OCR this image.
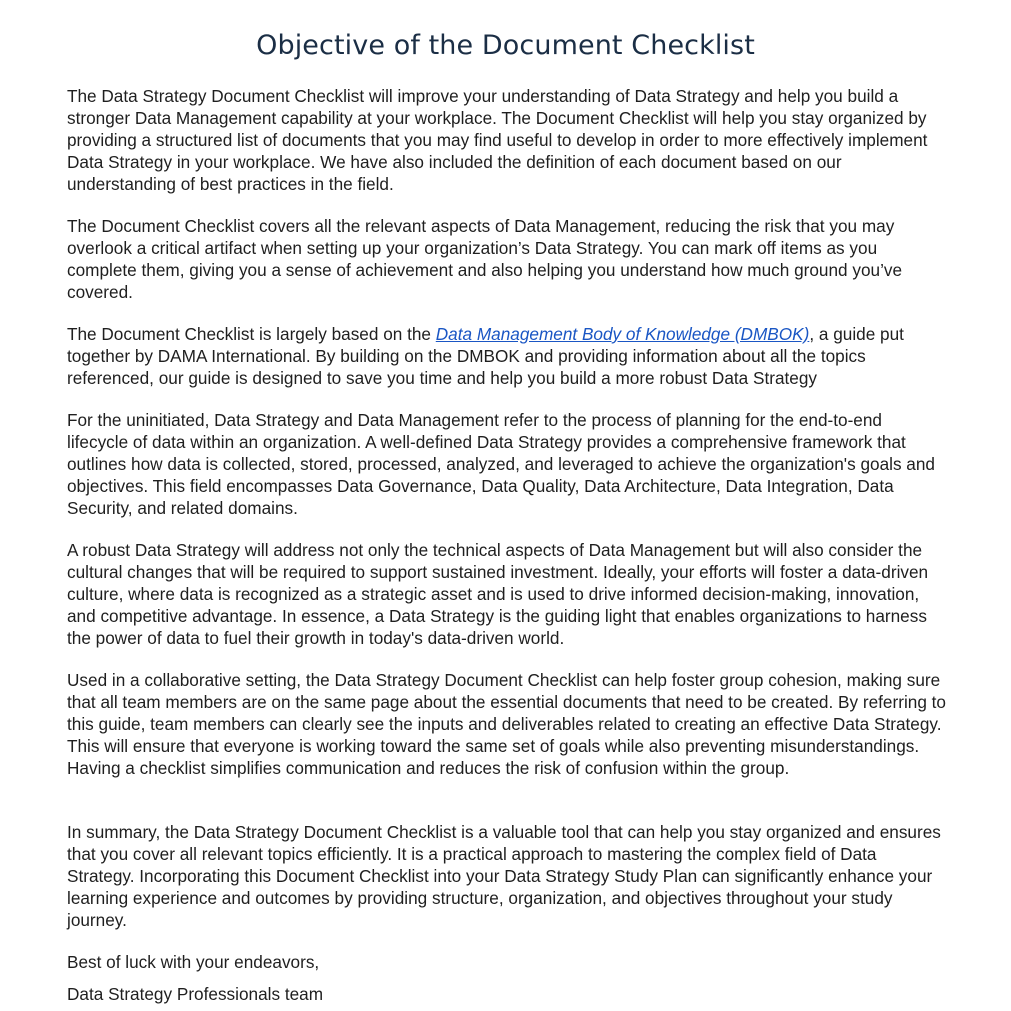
Objective of the Document Checklist

The Data Strategy Document Checklist will improve your understanding of Data Strategy and help you build a stronger Data Management capability at your workplace. The Document Checklist will help you stay organized by providing a structured list of documents that you may find useful to develop in order to more effectively implement Data Strategy in your workplace. We have also included the definition of each document based on our understanding of best practices in the field.

The Document Checklist covers all the relevant aspects of Data Management, reducing the risk that you may overlook a critical artifact when setting up your organization’s Data Strategy. You can mark off items as you complete them, giving you a sense of achievement and also helping you understand how much ground you’ve covered.

The Document Checklist is largely based on the Data Management Body of Knowledge (DMBOK), a guide put together by DAMA International. By building on the DMBOK and providing information about all the topics referenced, our guide is designed to save you time and help you build a more robust Data Strategy

For the uninitiated, Data Strategy and Data Management refer to the process of planning for the end-to-end lifecycle of data within an organization. A well-defined Data Strategy provides a comprehensive framework that outlines how data is collected, stored, processed, analyzed, and leveraged to achieve the organization's goals and objectives. This field encompasses Data Governance, Data Quality, Data Architecture, Data Integration, Data Security, and related domains.

A robust Data Strategy will address not only the technical aspects of Data Management but will also consider the cultural changes that will be required to support sustained investment. Ideally, your efforts will foster a data-driven culture, where data is recognized as a strategic asset and is used to drive informed decision-making, innovation, and competitive advantage. In essence, a Data Strategy is the guiding light that enables organizations to harness the power of data to fuel their growth in today's data-driven world.

Used in a collaborative setting, the Data Strategy Document Checklist can help foster group cohesion, making sure that all team members are on the same page about the essential documents that need to be created. By referring to this guide, team members can clearly see the inputs and deliverables related to creating an effective Data Strategy. This will ensure that everyone is working toward the same set of goals while also preventing misunderstandings. Having a checklist simplifies communication and reduces the risk of confusion within the group.

In summary, the Data Strategy Document Checklist is a valuable tool that can help you stay organized and ensures that you cover all relevant topics efficiently. It is a practical approach to mastering the complex field of Data Strategy. Incorporating this Document Checklist into your Data Strategy Study Plan can significantly enhance your learning experience and outcomes by providing structure, organization, and objectives throughout your study journey.

Best of luck with your endeavors,

Data Strategy Professionals team
